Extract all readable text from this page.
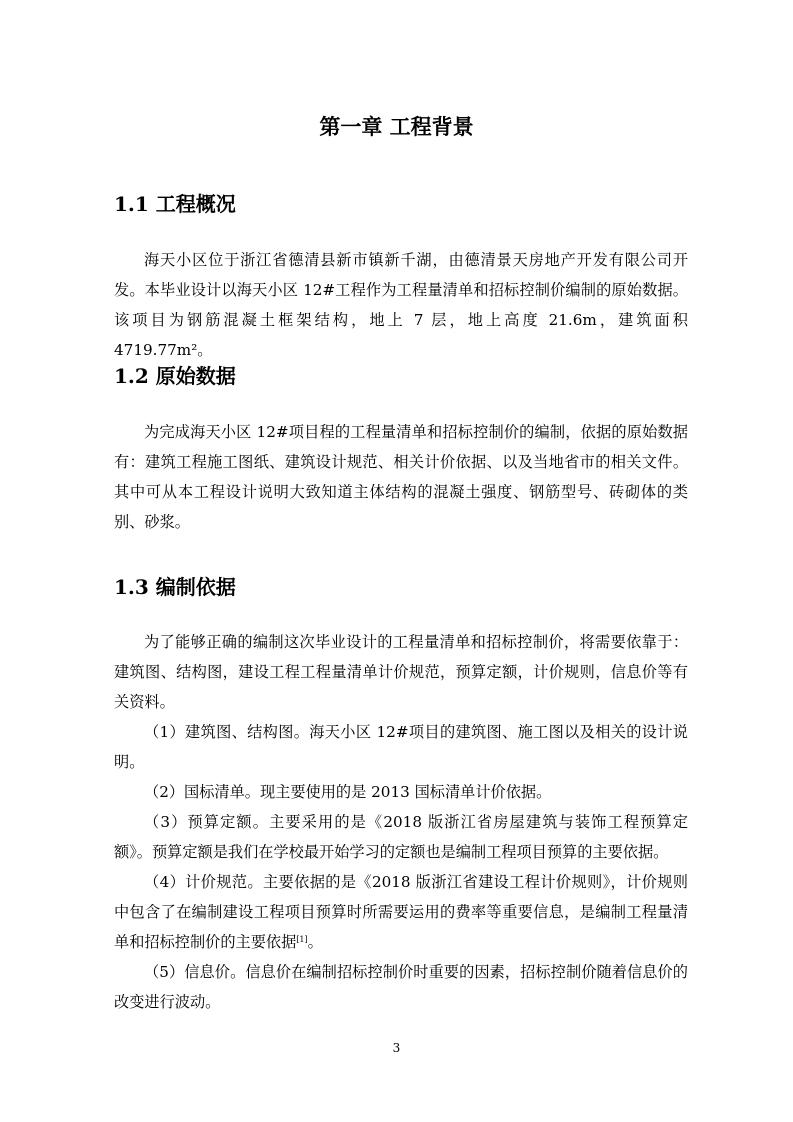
第一章 工程背景
1.1 工程概况

海天小区位于浙江省德清县新市镇新千湖，由德清景天房地产开发有限公司开发。本毕业设计以海天小区 12#工程作为工程量清单和招标控制价编制的原始数据。该项目为钢筋混凝土框架结构，地上 7 层，地上高度 21.6m，建筑面积 4719.77m²。

1.2 原始数据

为完成海天小区 12#项目程的工程量清单和招标控制价的编制，依据的原始数据有：建筑工程施工图纸、建筑设计规范、相关计价依据、以及当地省市的相关文件。其中可从本工程设计说明大致知道主体结构的混凝土强度、钢筋型号、砖砌体的类别、砂浆。

1.3 编制依据

为了能够正确的编制这次毕业设计的工程量清单和招标控制价，将需要依靠于：建筑图、结构图，建设工程工程量清单计价规范，预算定额，计价规则，信息价等有关资料。

（1）建筑图、结构图。海天小区 12#项目的建筑图、施工图以及相关的设计说明。

（2）国标清单。现主要使用的是 2013 国标清单计价依据。

（3）预算定额。主要采用的是《2018 版浙江省房屋建筑与装饰工程预算定额》。预算定额是我们在学校最开始学习的定额也是编制工程项目预算的主要依据。

（4）计价规范。主要依据的是《2018 版浙江省建设工程计价规则》，计价规则中包含了在编制建设工程项目预算时所需要运用的费率等重要信息，是编制工程量清单和招标控制价的主要依据[1]。

（5）信息价。信息价在编制招标控制价时重要的因素，招标控制价随着信息价的改变进行波动。

3
